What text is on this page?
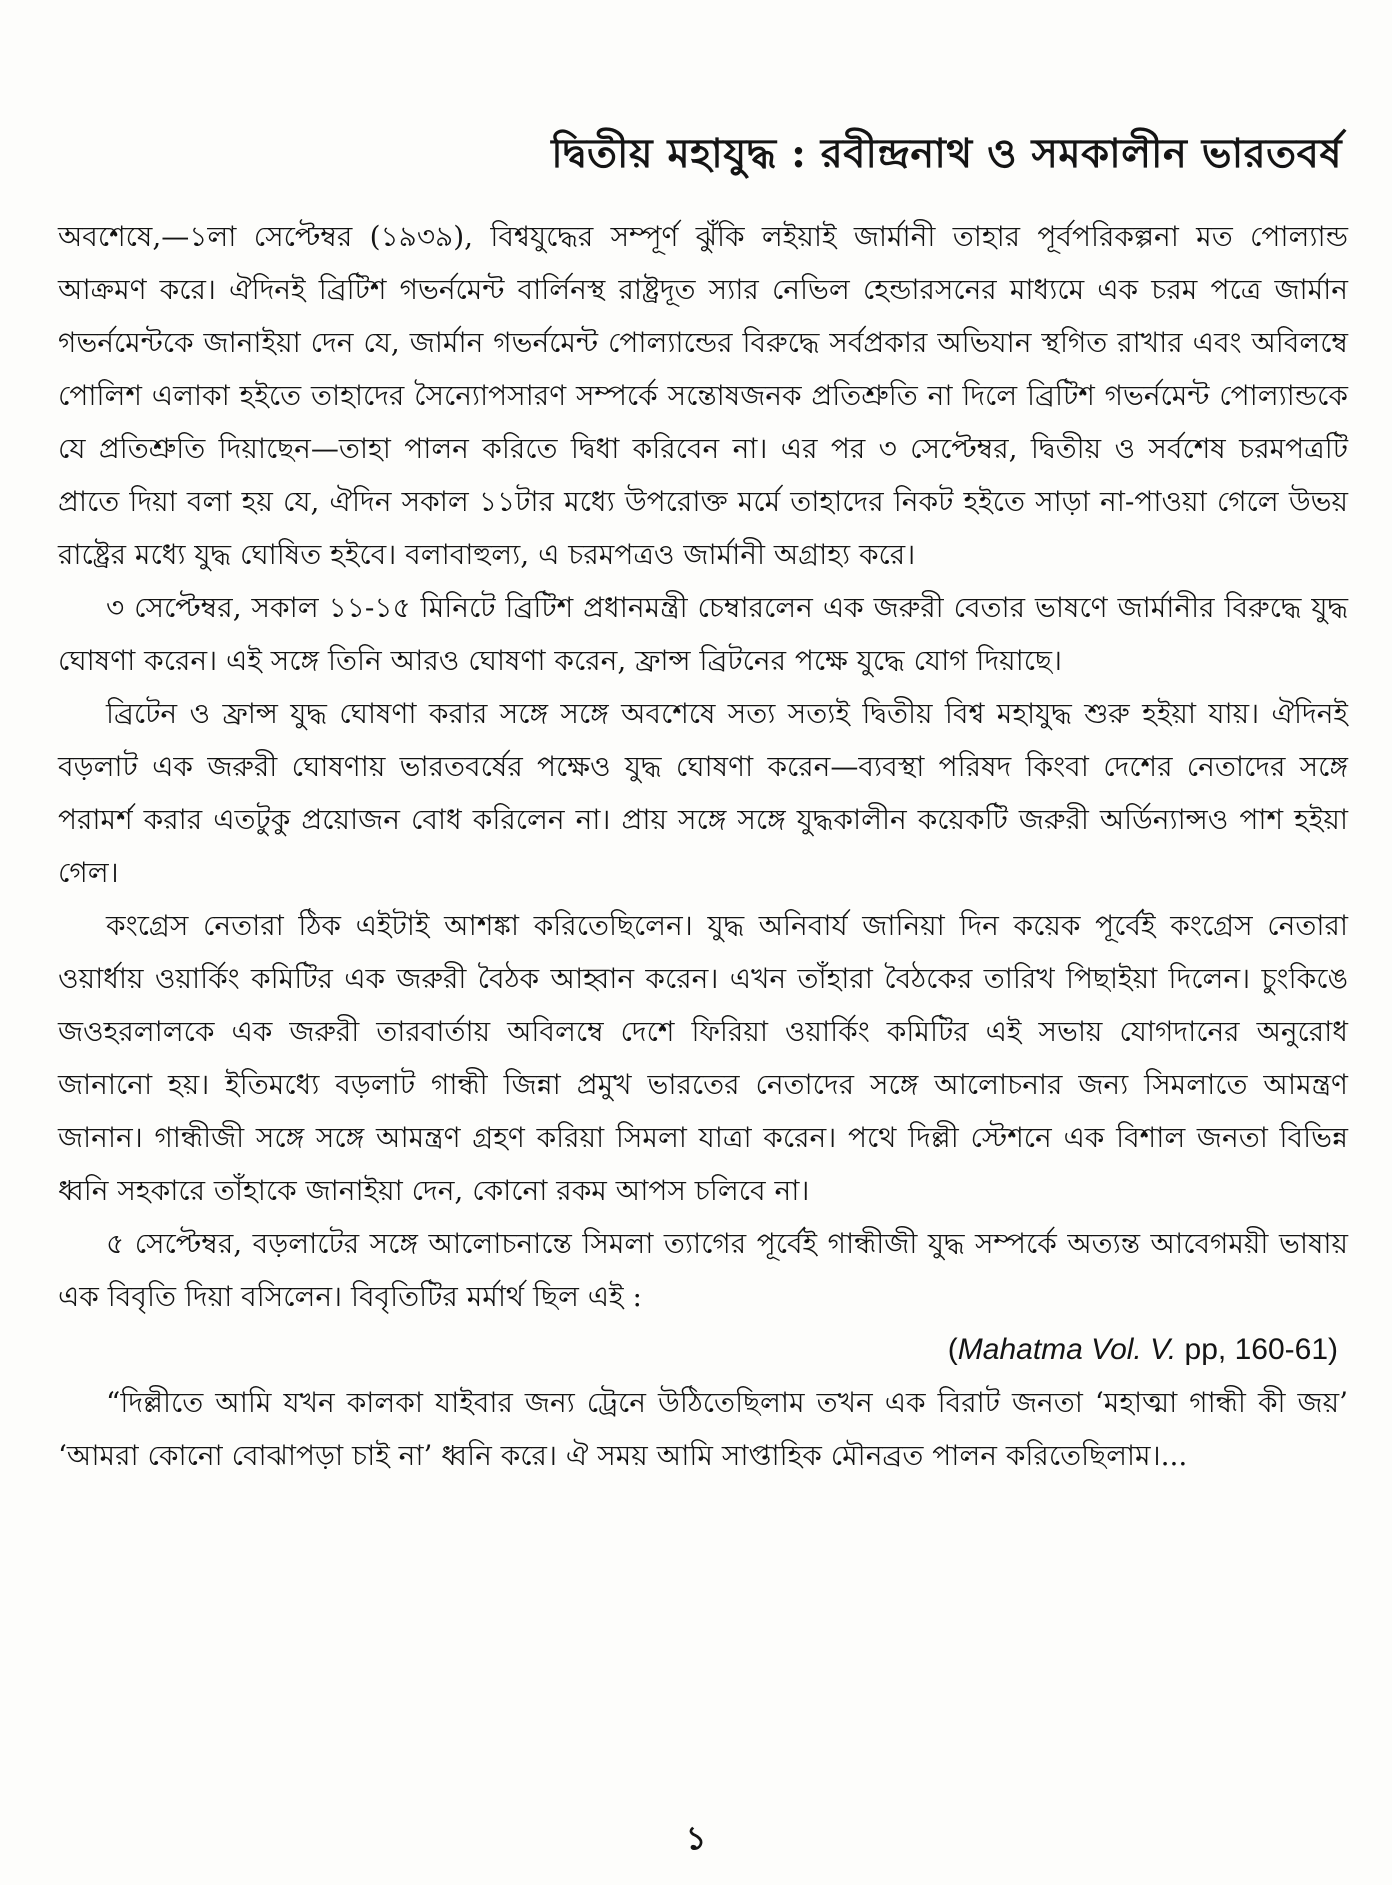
দ্বিতীয় মহাযুদ্ধ : রবীন্দ্রনাথ ও সমকালীন ভারতবর্ষ

অবশেষে,—১লা সেপ্টেম্বর (১৯৩৯), বিশ্বযুদ্ধের সম্পূর্ণ ঝুঁকি লইয়াই জার্মানী তাহার পূর্বপরিকল্পনা মত পোল্যান্ড আক্রমণ করে। ঐদিনই ব্রিটিশ গভর্নমেন্ট বার্লিনস্থ রাষ্ট্রদূত স্যার নেভিল হেন্ডারসনের মাধ্যমে এক চরম পত্রে জার্মান গভর্নমেন্টকে জানাইয়া দেন যে, জার্মান গভর্নমেন্ট পোল্যান্ডের বিরুদ্ধে সর্বপ্রকার অভিযান স্থগিত রাখার এবং অবিলম্বে পোলিশ এলাকা হইতে তাহাদের সৈন্যোপসারণ সম্পর্কে সন্তোষজনক প্রতিশ্রুতি না দিলে ব্রিটিশ গভর্নমেন্ট পোল্যান্ডকে যে প্রতিশ্রুতি দিয়াছেন—তাহা পালন করিতে দ্বিধা করিবেন না। এর পর ৩ সেপ্টেম্বর, দ্বিতীয় ও সর্বশেষ চরমপত্রটি প্রাতে দিয়া বলা হয় যে, ঐদিন সকাল ১১টার মধ্যে উপরোক্ত মর্মে তাহাদের নিকট হইতে সাড়া না-পাওয়া গেলে উভয় রাষ্ট্রের মধ্যে যুদ্ধ ঘোষিত হইবে। বলাবাহুল্য, এ চরমপত্রও জার্মানী অগ্রাহ্য করে।

৩ সেপ্টেম্বর, সকাল ১১-১৫ মিনিটে ব্রিটিশ প্রধানমন্ত্রী চেম্বারলেন এক জরুরী বেতার ভাষণে জার্মানীর বিরুদ্ধে যুদ্ধ ঘোষণা করেন। এই সঙ্গে তিনি আরও ঘোষণা করেন, ফ্রান্স ব্রিটনের পক্ষে যুদ্ধে যোগ দিয়াছে।

ব্রিটেন ও ফ্রান্স যুদ্ধ ঘোষণা করার সঙ্গে সঙ্গে অবশেষে সত্য সত্যই দ্বিতীয় বিশ্ব মহাযুদ্ধ শুরু হইয়া যায়। ঐদিনই বড়লাট এক জরুরী ঘোষণায় ভারতবর্ষের পক্ষেও যুদ্ধ ঘোষণা করেন—ব্যবস্থা পরিষদ কিংবা দেশের নেতাদের সঙ্গে পরামর্শ করার এতটুকু প্রয়োজন বোধ করিলেন না। প্রায় সঙ্গে সঙ্গে যুদ্ধকালীন কয়েকটি জরুরী অর্ডিন্যান্সও পাশ হইয়া গেল।

কংগ্রেস নেতারা ঠিক এইটাই আশঙ্কা করিতেছিলেন। যুদ্ধ অনিবার্য জানিয়া দিন কয়েক পূর্বেই কংগ্রেস নেতারা ওয়ার্ধায় ওয়ার্কিং কমিটির এক জরুরী বৈঠক আহ্বান করেন। এখন তাঁহারা বৈঠকের তারিখ পিছাইয়া দিলেন। চুংকিঙে জওহরলালকে এক জরুরী তারবার্তায় অবিলম্বে দেশে ফিরিয়া ওয়ার্কিং কমিটির এই সভায় যোগদানের অনুরোধ জানানো হয়। ইতিমধ্যে বড়লাট গান্ধী জিন্না প্রমুখ ভারতের নেতাদের সঙ্গে আলোচনার জন্য সিমলাতে আমন্ত্রণ জানান। গান্ধীজী সঙ্গে সঙ্গে আমন্ত্রণ গ্রহণ করিয়া সিমলা যাত্রা করেন। পথে দিল্লী স্টেশনে এক বিশাল জনতা বিভিন্ন ধ্বনি সহকারে তাঁহাকে জানাইয়া দেন, কোনো রকম আপস চলিবে না।

৫ সেপ্টেম্বর, বড়লাটের সঙ্গে আলোচনান্তে সিমলা ত্যাগের পূর্বেই গান্ধীজী যুদ্ধ সম্পর্কে অত্যন্ত আবেগময়ী ভাষায় এক বিবৃতি দিয়া বসিলেন। বিবৃতিটির মর্মার্থ ছিল এই :

(Mahatma Vol. V. pp, 160-61)

“দিল্লীতে আমি যখন কালকা যাইবার জন্য ট্রেনে উঠিতেছিলাম তখন এক বিরাট জনতা ‘মহাত্মা গান্ধী কী জয়’ ‘আমরা কোনো বোঝাপড়া চাই না’ ধ্বনি করে। ঐ সময় আমি সাপ্তাহিক মৌনব্রত পালন করিতেছিলাম।...

১
